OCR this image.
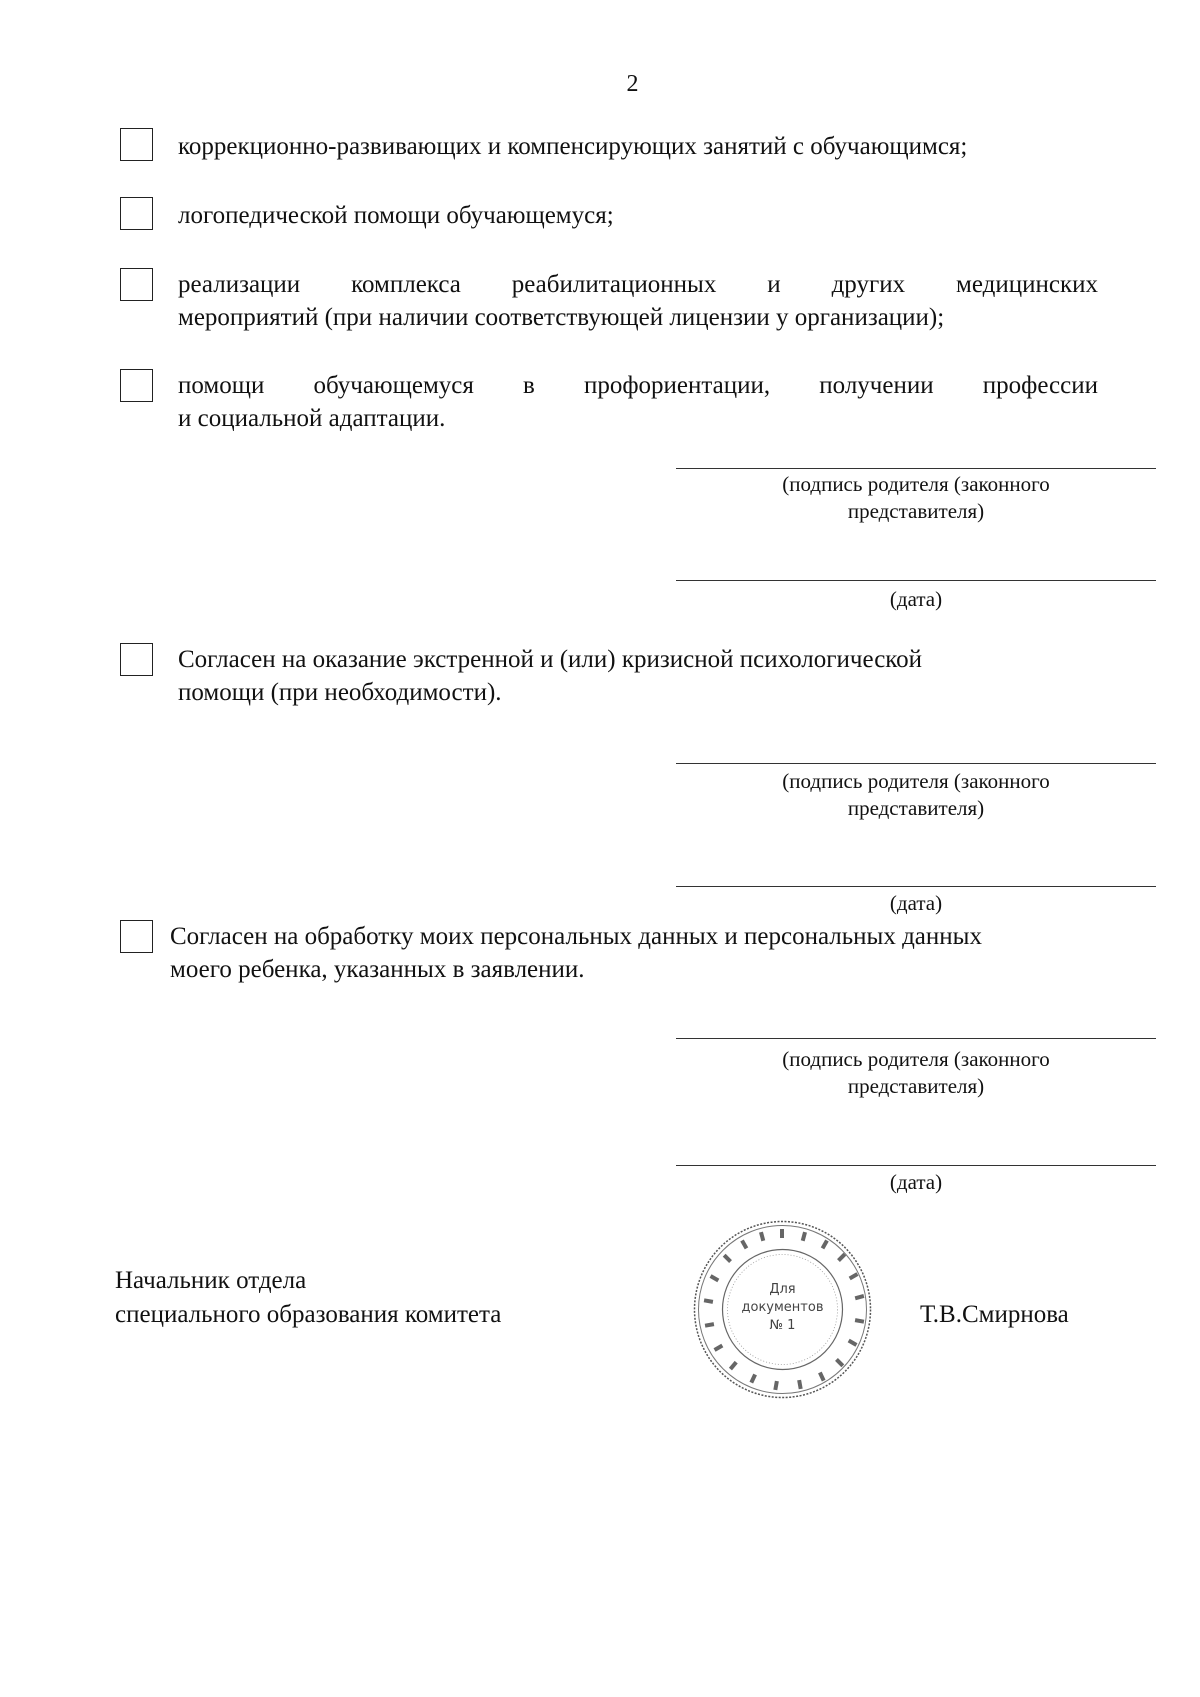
2
коррекционно-развивающих и компенсирующих занятий с обучающимся;
логопедической помощи обучающемуся;
реализации комплекса реабилитационных и других медицинских
мероприятий (при наличии соответствующей лицензии у организации);
помощи обучающемуся в профориентации, получении профессии
и социальной адаптации.
(подпись родителя (законного
представителя)
(дата)
Согласен на оказание экстренной и (или) кризисной психологической
помощи (при необходимости).
(подпись родителя (законного
представителя)
(дата)
Согласен на обработку моих персональных данных и персональных данных
моего ребенка, указанных в заявлении.
(подпись родителя (законного
представителя)
(дата)
Начальник отдела
специального образования комитета
Для
документов
№ 1	Т.В.Смирнова
